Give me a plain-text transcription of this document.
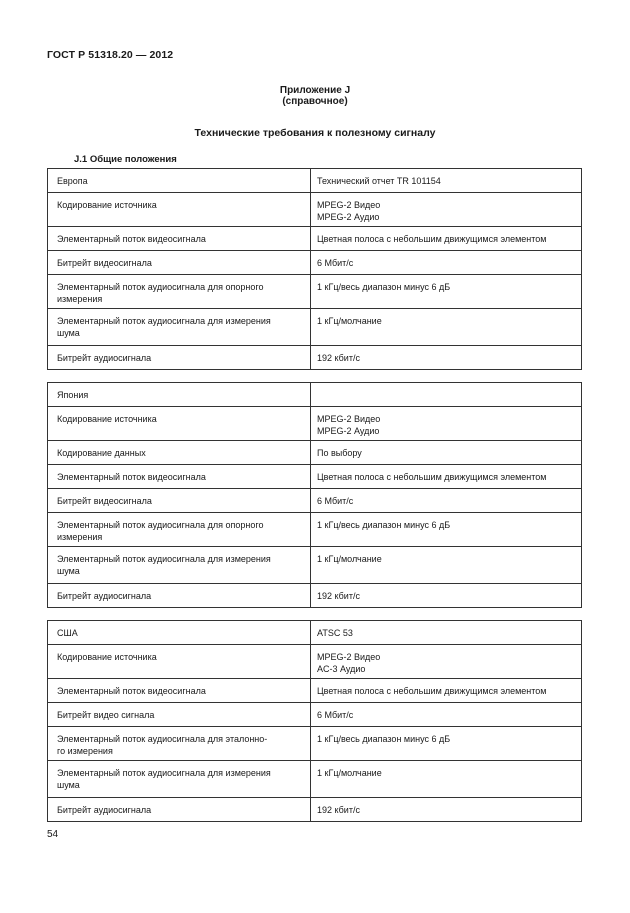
ГОСТ Р 51318.20 — 2012
Приложение J
(справочное)
Технические требования к полезному сигналу
J.1 Общие положения
Европа	Технический отчет TR 101154

Кодирование источника	MPEG-2 Видео
MPEG-2 Аудио

Элементарный поток видеосигнала	Цветная полоса с небольшим движущимся элементом

Битрейт видеосигнала	6 Мбит/с

Элементарный поток аудиосигнала для опорного
измерения	1 кГц/весь диапазон минус 6 дБ

Элементарный поток аудиосигнала для измерения
шума	1 кГц/молчание

Битрейт аудиосигнала	192 кбит/с
Япония	

Кодирование источника	MPEG-2 Видео
MPEG-2 Аудио

Кодирование данных	По выбору

Элементарный поток видеосигнала	Цветная полоса с небольшим движущимся элементом

Битрейт видеосигнала	6 Мбит/с

Элементарный поток аудиосигнала для опорного
измерения	1 кГц/весь диапазон минус 6 дБ

Элементарный поток аудиосигнала для измерения
шума	1 кГц/молчание

Битрейт аудиосигнала	192 кбит/с
США	ATSC 53

Кодирование источника	MPEG-2 Видео
AC-3 Аудио

Элементарный поток видеосигнала	Цветная полоса с небольшим движущимся элементом

Битрейт видео сигнала	6 Мбит/с

Элементарный поток аудиосигнала для эталонно-
го измерения	1 кГц/весь диапазон минус 6 дБ

Элементарный поток аудиосигнала для измерения
шума	1 кГц/молчание

Битрейт аудиосигнала	192 кбит/с
54
